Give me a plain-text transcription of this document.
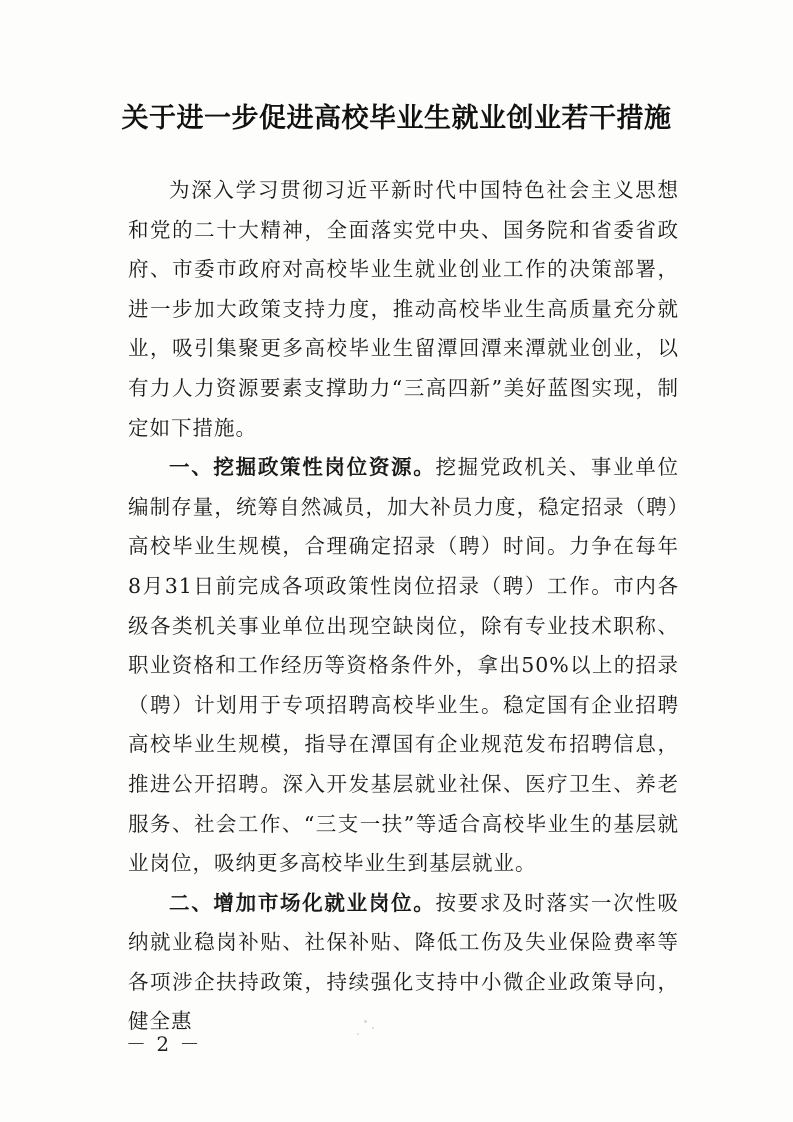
关于进一步促进高校毕业生就业创业若干措施

为深入学习贯彻习近平新时代中国特色社会主义思想和党的二十大精神，全面落实党中央、国务院和省委省政府、市委市政府对高校毕业生就业创业工作的决策部署，进一步加大政策支持力度，推动高校毕业生高质量充分就业，吸引集聚更多高校毕业生留潭回潭来潭就业创业，以有力人力资源要素支撑助力“三高四新”美好蓝图实现，制定如下措施。

一、挖掘政策性岗位资源。挖掘党政机关、事业单位编制存量，统筹自然减员，加大补员力度，稳定招录（聘）高校毕业生规模，合理确定招录（聘）时间。力争在每年8月31日前完成各项政策性岗位招录（聘）工作。市内各级各类机关事业单位出现空缺岗位，除有专业技术职称、职业资格和工作经历等资格条件外，拿出50%以上的招录（聘）计划用于专项招聘高校毕业生。稳定国有企业招聘高校毕业生规模，指导在潭国有企业规范发布招聘信息，推进公开招聘。深入开发基层就业社保、医疗卫生、养老服务、社会工作、“三支一扶”等适合高校毕业生的基层就业岗位，吸纳更多高校毕业生到基层就业。

二、增加市场化就业岗位。按要求及时落实一次性吸纳就业稳岗补贴、社保补贴、降低工伤及失业保险费率等各项涉企扶持政策，持续强化支持中小微企业政策导向，健全惠

－ 2 －
